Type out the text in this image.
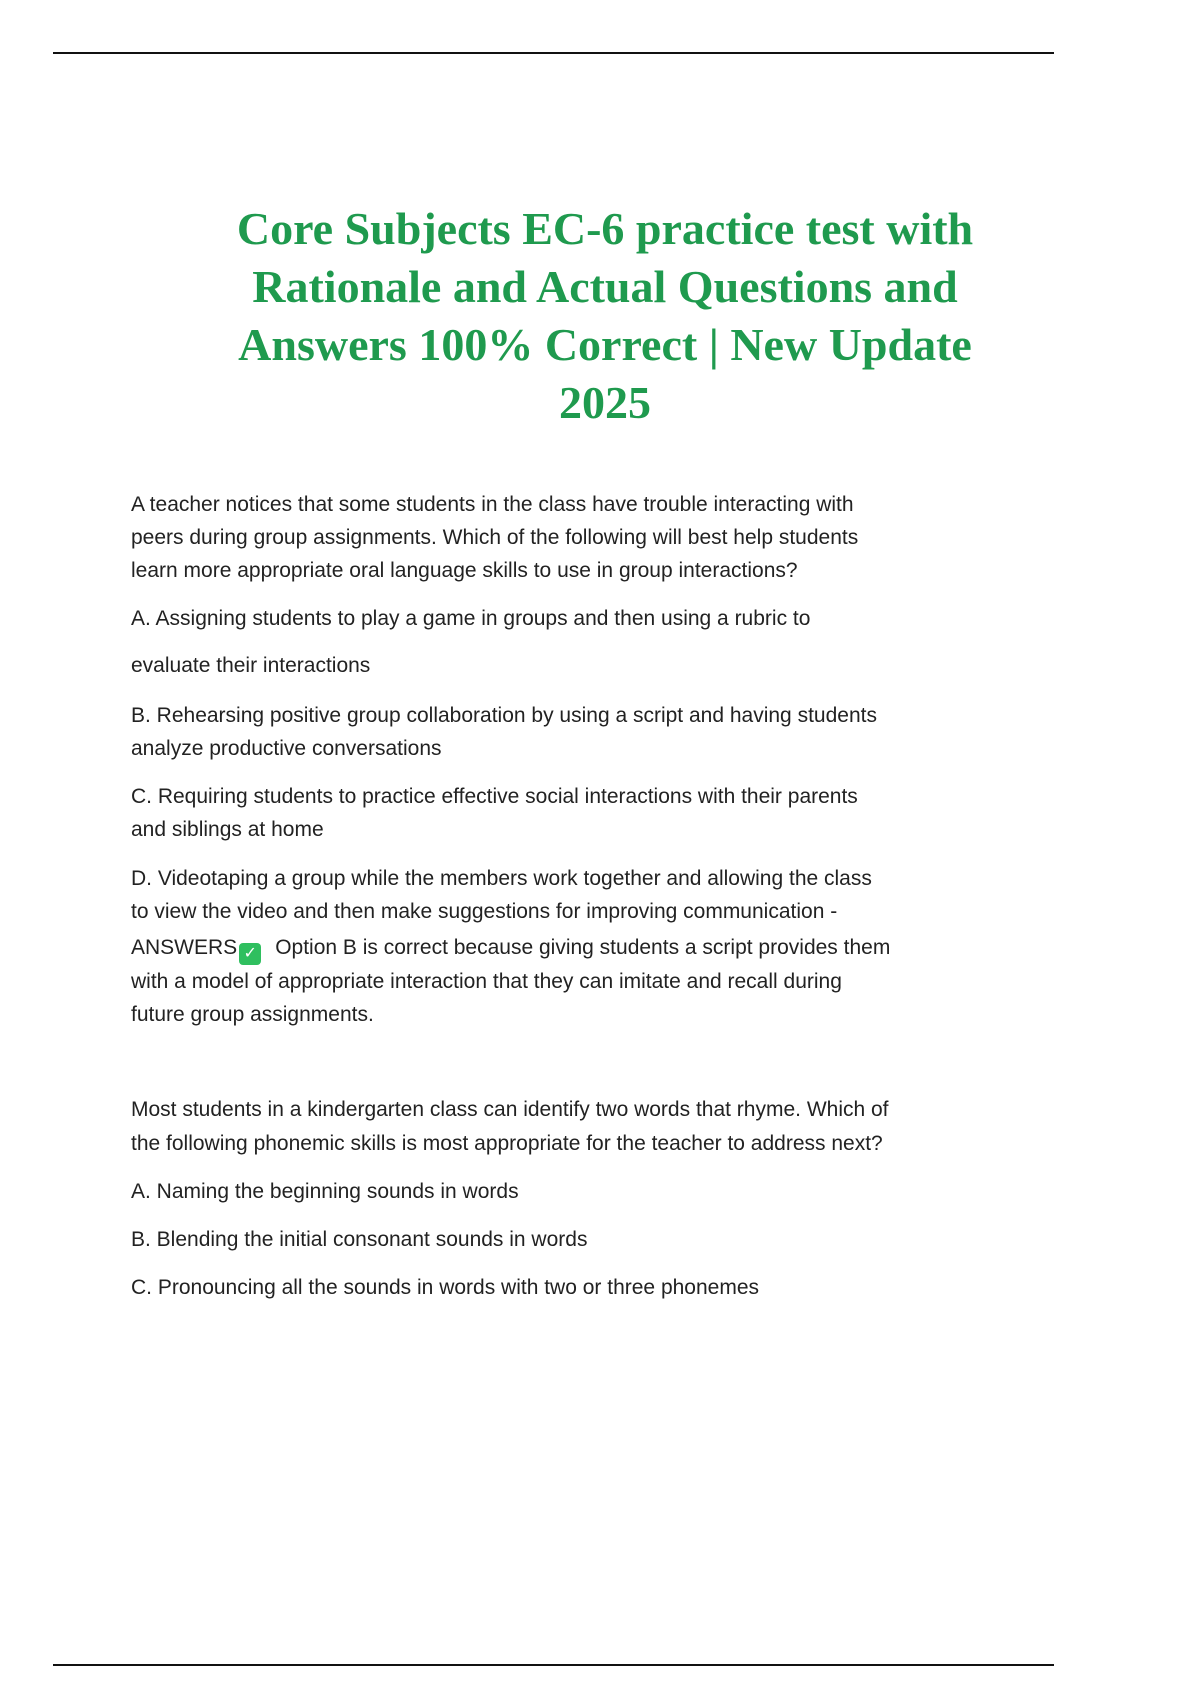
Core Subjects EC-6 practice test with
Rationale and Actual Questions and
Answers 100% Correct | New Update
2025
A teacher notices that some students in the class have trouble interacting with
peers during group assignments. Which of the following will best help students
learn more appropriate oral language skills to use in group interactions?
A. Assigning students to play a game in groups and then using a rubric to
evaluate their interactions
B. Rehearsing positive group collaboration by using a script and having students
analyze productive conversations
C. Requiring students to practice effective social interactions with their parents
and siblings at home
D. Videotaping a group while the members work together and allowing the class
to view the video and then make suggestions for improving communication -
ANSWERS ✓ Option B is correct because giving students a script provides them
with a model of appropriate interaction that they can imitate and recall during
future group assignments.
Most students in a kindergarten class can identify two words that rhyme. Which of
the following phonemic skills is most appropriate for the teacher to address next?
A. Naming the beginning sounds in words
B. Blending the initial consonant sounds in words
C. Pronouncing all the sounds in words with two or three phonemes
